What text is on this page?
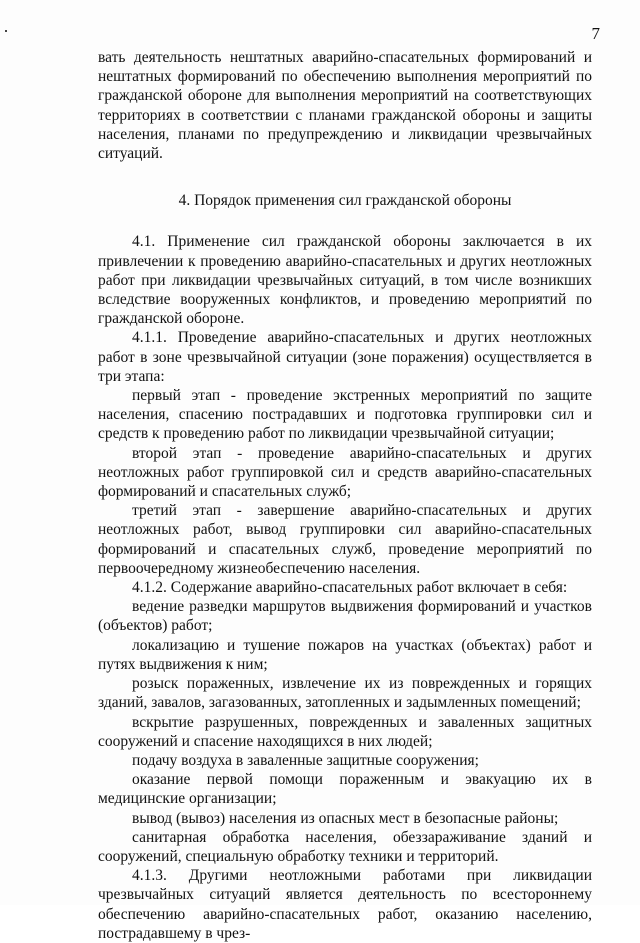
7

вать деятельность нештатных аварийно-спасательных формирований и нештатных формирований по обеспечению выполнения мероприятий по гражданской обороне для выполнения мероприятий на соответствующих территориях в соответствии с планами гражданской обороны и защиты населения, планами по предупреждению и ликвидации чрезвычайных ситуаций.

4. Порядок применения сил гражданской обороны

4.1. Применение сил гражданской обороны заключается в их привлечении к проведению аварийно-спасательных и других неотложных работ при ликвидации чрезвычайных ситуаций, в том числе возникших вследствие вооруженных конфликтов, и проведению мероприятий по гражданской обороне.

4.1.1. Проведение аварийно-спасательных и других неотложных работ в зоне чрезвычайной ситуации (зоне поражения) осуществляется в три этапа:

первый этап - проведение экстренных мероприятий по защите населения, спасению пострадавших и подготовка группировки сил и средств к проведению работ по ликвидации чрезвычайной ситуации;

второй этап - проведение аварийно-спасательных и других неотложных работ группировкой сил и средств аварийно-спасательных формирований и спасательных служб;

третий этап - завершение аварийно-спасательных и других неотложных работ, вывод группировки сил аварийно-спасательных формирований и спасательных служб, проведение мероприятий по первоочередному жизнеобеспечению населения.

4.1.2. Содержание аварийно-спасательных работ включает в себя:

ведение разведки маршрутов выдвижения формирований и участков (объектов) работ;

локализацию и тушение пожаров на участках (объектах) работ и путях выдвижения к ним;

розыск пораженных, извлечение их из поврежденных и горящих зданий, завалов, загазованных, затопленных и задымленных помещений;

вскрытие разрушенных, поврежденных и заваленных защитных сооружений и спасение находящихся в них людей;

подачу воздуха в заваленные защитные сооружения;

оказание первой помощи пораженным и эвакуацию их в медицинские организации;

вывод (вывоз) населения из опасных мест в безопасные районы;

санитарная обработка населения, обеззараживание зданий и сооружений, специальную обработку техники и территорий.

4.1.3. Другими неотложными работами при ликвидации чрезвычайных ситуаций является деятельность по всестороннему обеспечению аварийно-спасательных работ, оказанию населению, пострадавшему в чрез-
